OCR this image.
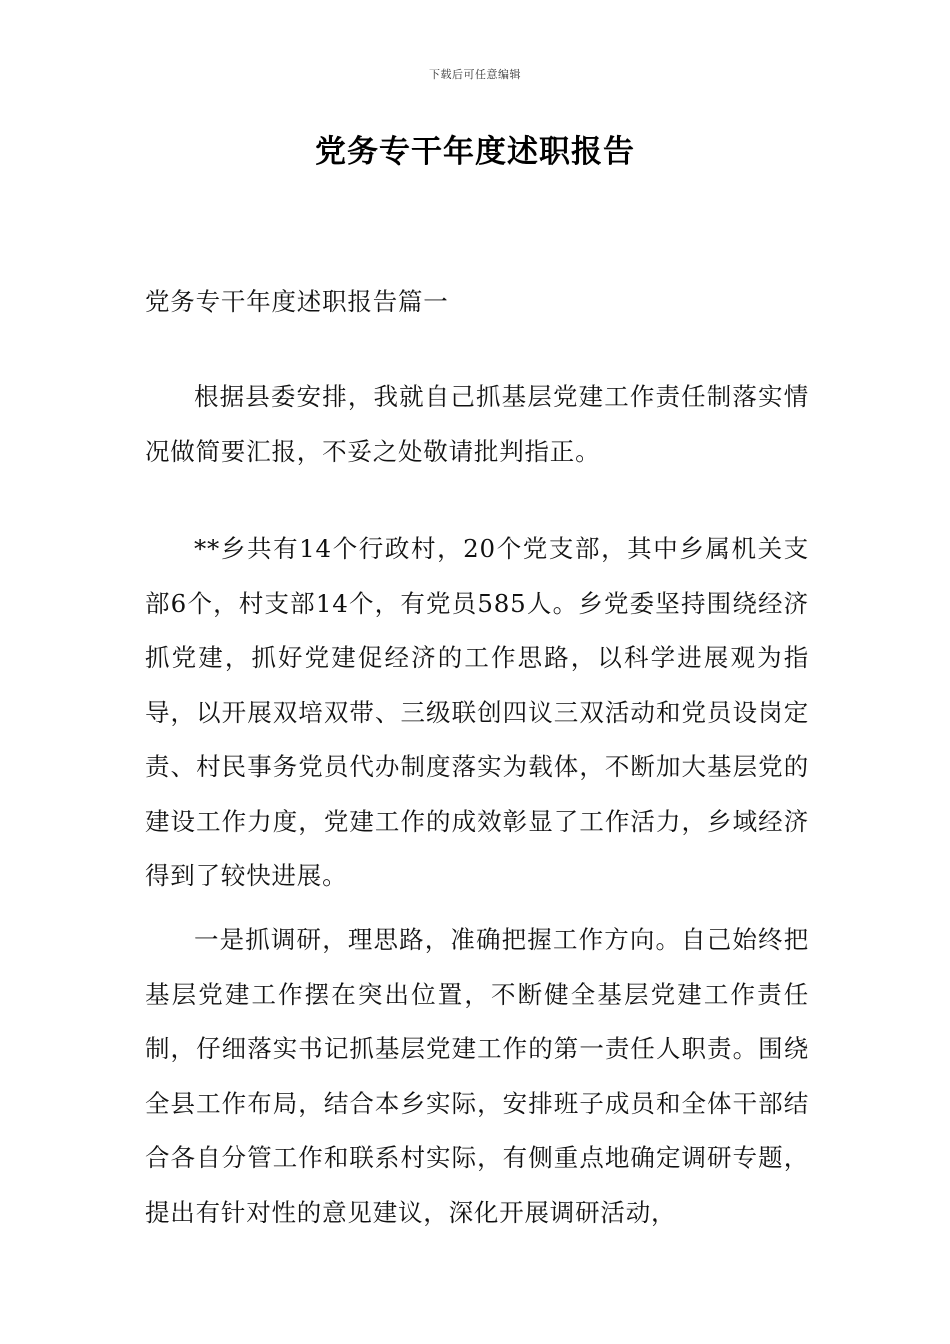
下载后可任意编辑
党务专干年度述职报告

党务专干年度述职报告篇一

根据县委安排，我就自己抓基层党建工作责任制落实情况做简要汇报，不妥之处敬请批判指正。

**乡共有14个行政村，20个党支部，其中乡属机关支部6个，村支部14个，有党员585人。乡党委坚持围绕经济抓党建，抓好党建促经济的工作思路，以科学进展观为指导，以开展双培双带、三级联创四议三双活动和党员设岗定责、村民事务党员代办制度落实为载体，不断加大基层党的建设工作力度，党建工作的成效彰显了工作活力，乡域经济得到了较快进展。

一是抓调研，理思路，准确把握工作方向。自己始终把基层党建工作摆在突出位置，不断健全基层党建工作责任制，仔细落实书记抓基层党建工作的第一责任人职责。围绕全县工作布局，结合本乡实际，安排班子成员和全体干部结合各自分管工作和联系村实际，有侧重点地确定调研专题，提出有针对性的意见建议，深化开展调研活动，
